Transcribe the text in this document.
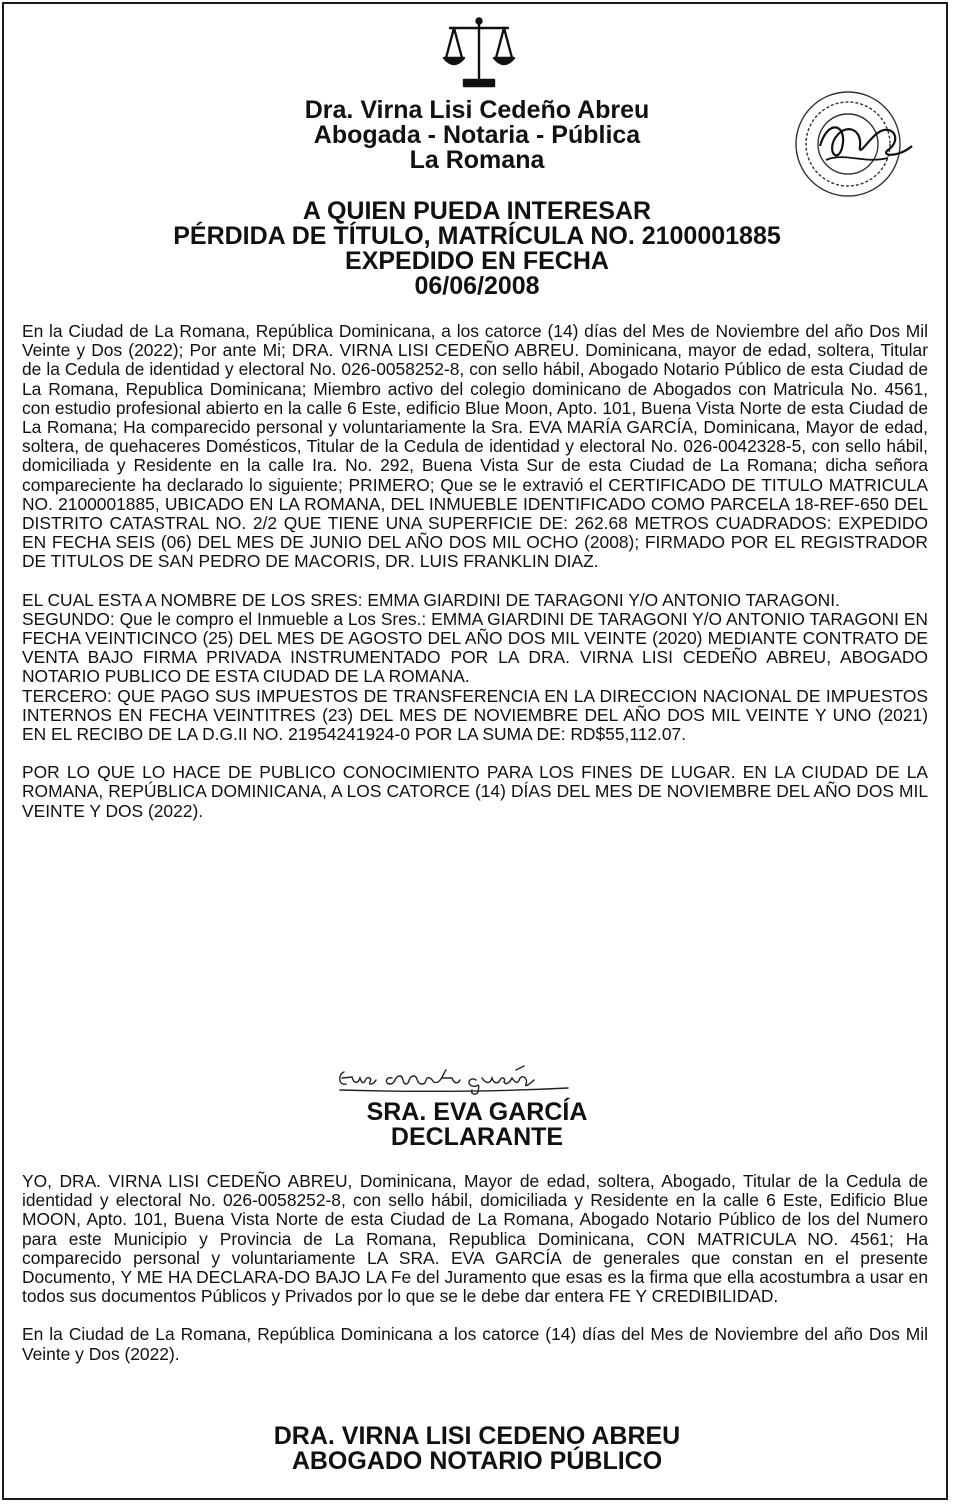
Dra. Virna Lisi Cedeño Abreu
Abogada - Notaria - Pública
La Romana
A QUIEN PUEDA INTERESAR
PÉRDIDA DE TÍTULO, MATRÍCULA NO. 2100001885
EXPEDIDO EN FECHA
06/06/2008

En la Ciudad de La Romana, República Dominicana, a los catorce (14) días del Mes de Noviembre del año Dos Mil Veinte y Dos (2022); Por ante Mi; DRA. VIRNA LISI CEDEÑO ABREU. Dominicana, mayor de edad, soltera, Titular de la Cedula de identidad y electoral No. 026-0058252-8, con sello hábil, Abogado Notario Público de esta Ciudad de La Romana, Republica Dominicana; Miembro activo del colegio dominicano de Abogados con Matricula No. 4561, con estudio profesional abierto en la calle 6 Este, edificio Blue Moon, Apto. 101, Buena Vista Norte de esta Ciudad de La Romana; Ha comparecido personal y voluntariamente la Sra. EVA MARÍA GARCÍA, Dominicana, Mayor de edad, soltera, de quehaceres Domésticos, Titular de la Cedula de identidad y electoral No. 026-0042328-5, con sello hábil, domiciliada y Residente en la calle Ira. No. 292, Buena Vista Sur de esta Ciudad de La Romana; dicha señora compareciente ha declarado lo siguiente; PRIMERO; Que se le extravió el CERTIFICADO DE TITULO MATRICULA NO. 2100001885, UBICADO EN LA ROMANA, DEL INMUEBLE IDENTIFICADO COMO PARCELA 18-REF-650 DEL DISTRITO CATASTRAL NO. 2/2 QUE TIENE UNA SUPERFICIE DE: 262.68 METROS CUADRADOS: EXPEDIDO EN FECHA SEIS (06) DEL MES DE JUNIO DEL AÑO DOS MIL OCHO (2008); FIRMADO POR EL REGISTRADOR DE TITULOS DE SAN PEDRO DE MACORIS, DR. LUIS FRANKLIN DIAZ.

EL CUAL ESTA A NOMBRE DE LOS SRES: EMMA GIARDINI DE TARAGONI Y/O ANTONIO TARAGONI.

SEGUNDO: Que le compro el Inmueble a Los Sres.: EMMA GIARDINI DE TARAGONI Y/O ANTONIO TARAGONI EN FECHA VEINTICINCO (25) DEL MES DE AGOSTO DEL AÑO DOS MIL VEINTE (2020) MEDIANTE CONTRATO DE VENTA BAJO FIRMA PRIVADA INSTRUMENTADO POR LA DRA. VIRNA LISI CEDEÑO ABREU, ABOGADO NOTARIO PUBLICO DE ESTA CIUDAD DE LA ROMANA.

TERCERO: QUE PAGO SUS IMPUESTOS DE TRANSFERENCIA EN LA DIRECCION NACIONAL DE IMPUESTOS INTERNOS EN FECHA VEINTITRES (23) DEL MES DE NOVIEMBRE DEL AÑO DOS MIL VEINTE Y UNO (2021) EN EL RECIBO DE LA D.G.II NO. 21954241924-0 POR LA SUMA DE: RD$55,112.07.

POR LO QUE LO HACE DE PUBLICO CONOCIMIENTO PARA LOS FINES DE LUGAR. EN LA CIUDAD DE LA ROMANA, REPÚBLICA DOMINICANA, A LOS CATORCE (14) DÍAS DEL MES DE NOVIEMBRE DEL AÑO DOS MIL VEINTE Y DOS (2022).

SRA. EVA GARCÍA
DECLARANTE

YO, DRA. VIRNA LISI CEDEÑO ABREU, Dominicana, Mayor de edad, soltera, Abogado, Titular de la Cedula de identidad y electoral No. 026-0058252-8, con sello hábil, domiciliada y Residente en la calle 6 Este, Edificio Blue MOON, Apto. 101, Buena Vista Norte de esta Ciudad de La Romana, Abogado Notario Público de los del Numero para este Municipio y Provincia de La Romana, Republica Dominicana, CON MATRICULA NO. 4561; Ha comparecido personal y voluntariamente LA SRA. EVA GARCÍA de generales que constan en el presente Documento, Y ME HA DECLARA-DO BAJO LA Fe del Juramento que esas es la firma que ella acostumbra a usar en todos sus documentos Públicos y Privados por lo que se le debe dar entera FE Y CREDIBILIDAD.

En la Ciudad de La Romana, República Dominicana a los catorce (14) días del Mes de Noviembre del año Dos Mil Veinte y Dos (2022).

DRA. VIRNA LISI CEDENO ABREU
ABOGADO NOTARIO PÚBLICO
